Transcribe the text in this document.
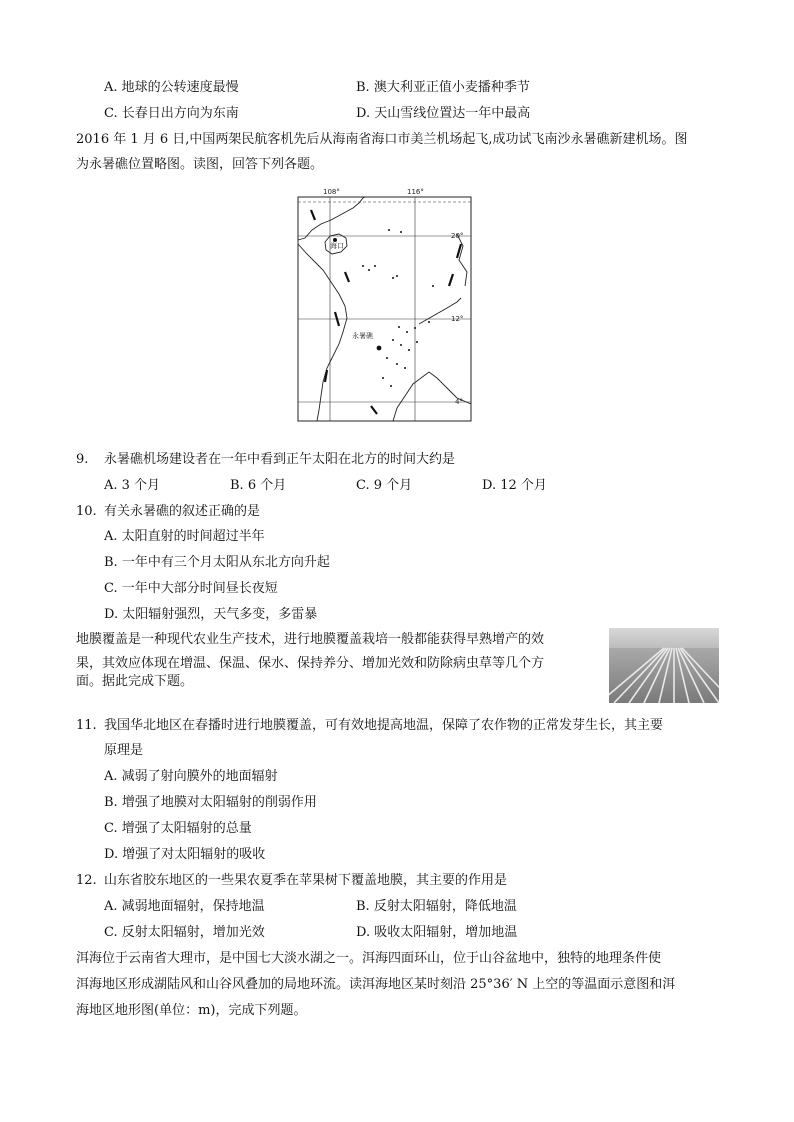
A. 地球的公转速度最慢	B. 澳大利亚正值小麦播种季节
C. 长春日出方向为东南	D. 天山雪线位置达一年中最高
2016 年 1 月 6 日,中国两架民航客机先后从海南省海口市美兰机场起飞,成功试飞南沙永暑礁新建机场。图
为永暑礁位置略图。读图，回答下列各题。
108°	116°
20°
12°
4°
海口
永暑礁
9. 永暑礁机场建设者在一年中看到正午太阳在北方的时间大约是
A. 3 个月	B. 6 个月	C. 9 个月	D. 12 个月
10. 有关永暑礁的叙述正确的是
A. 太阳直射的时间超过半年
B. 一年中有三个月太阳从东北方向升起
C. 一年中大部分时间昼长夜短
D. 太阳辐射强烈，天气多变，多雷暴
地膜覆盖是一种现代农业生产技术，进行地膜覆盖栽培一般都能获得早熟增产的效
果，其效应体现在增温、保温、保水、保持养分、增加光效和防除病虫草等几个方
面。据此完成下题。
11. 我国华北地区在春播时进行地膜覆盖，可有效地提高地温，保障了农作物的正常发芽生长，其主要
原理是
A. 减弱了射向膜外的地面辐射
B. 增强了地膜对太阳辐射的削弱作用
C. 增强了太阳辐射的总量
D. 增强了对太阳辐射的吸收
12. 山东省胶东地区的一些果农夏季在苹果树下覆盖地膜，其主要的作用是
A. 减弱地面辐射，保持地温	B. 反射太阳辐射，降低地温
C. 反射太阳辐射，增加光效	D. 吸收太阳辐射，增加地温
洱海位于云南省大理市，是中国七大淡水湖之一。洱海四面环山，位于山谷盆地中，独特的地理条件使
洱海地区形成湖陆风和山谷风叠加的局地环流。读洱海地区某时刻沿 25°36′ N 上空的等温面示意图和洱
海地区地形图(单位：m)，完成下列题。
